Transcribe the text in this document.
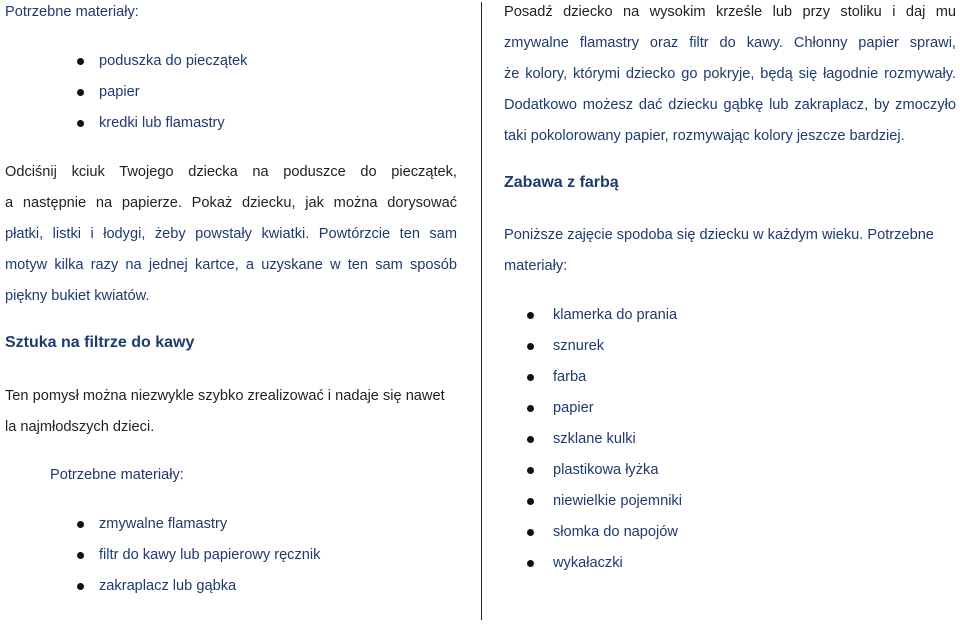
Potrzebne materiały:
poduszka do pieczątek
papier
kredki lub flamastry

Odciśnij kciuk Twojego dziecka na poduszce do pieczątek,

a następnie na papierze. Pokaż dziecku, jak można dorysować

płatki, listki i łodygi, żeby powstały kwiatki. Powtórzcie ten sam

motyw kilka razy na jednej kartce, a uzyskane w ten sam sposób

piękny bukiet kwiatów.

Sztuka na filtrze do kawy

Ten pomysł można niezwykle szybko zrealizować i nadaje się nawet

la najmłodszych dzieci.

Potrzebne materiały:
zmywalne flamastry
filtr do kawy lub papierowy ręcznik
zakraplacz lub gąbka

Posadź dziecko na wysokim krześle lub przy stoliku i daj mu

zmywalne flamastry oraz filtr do kawy. Chłonny papier sprawi,

że kolory, którymi dziecko go pokryje, będą się łagodnie rozmywały.

Dodatkowo możesz dać dziecku gąbkę lub zakraplacz, by zmoczyło

taki pokolorowany papier, rozmywając kolory jeszcze bardziej.

Zabawa z farbą

Poniższe zajęcie spodoba się dziecku w każdym wieku. Potrzebne

materiały:

klamerka do prania
sznurek
farba
papier
szklane kulki
plastikowa łyżka
niewielkie pojemniki
słomka do napojów
wykałaczki
